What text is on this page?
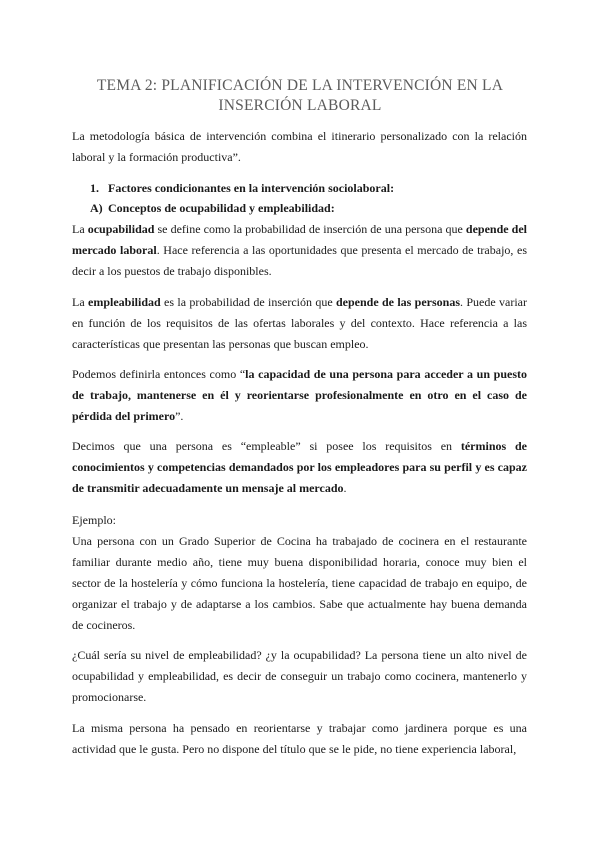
TEMA 2: PLANIFICACIÓN DE LA INTERVENCIÓN EN LA
INSERCIÓN LABORAL

La metodología básica de intervención combina el itinerario personalizado con la relación laboral y la formación productiva”.

1. Factores condicionantes en la intervención sociolaboral:
A) Conceptos de ocupabilidad y empleabilidad:

La ocupabilidad se define como la probabilidad de inserción de una persona que depende del mercado laboral. Hace referencia a las oportunidades que presenta el mercado de trabajo, es decir a los puestos de trabajo disponibles.

La empleabilidad es la probabilidad de inserción que depende de las personas. Puede variar en función de los requisitos de las ofertas laborales y del contexto. Hace referencia a las características que presentan las personas que buscan empleo.

Podemos definirla entonces como “la capacidad de una persona para acceder a un puesto de trabajo, mantenerse en él y reorientarse profesionalmente en otro en el caso de pérdida del primero”.

Decimos que una persona es “empleable” si posee los requisitos en términos de conocimientos y competencias demandados por los empleadores para su perfil y es capaz de transmitir adecuadamente un mensaje al mercado.

Ejemplo:

Una persona con un Grado Superior de Cocina ha trabajado de cocinera en el restaurante familiar durante medio año, tiene muy buena disponibilidad horaria, conoce muy bien el sector de la hostelería y cómo funciona la hostelería, tiene capacidad de trabajo en equipo, de organizar el trabajo y de adaptarse a los cambios. Sabe que actualmente hay buena demanda de cocineros.

¿Cuál sería su nivel de empleabilidad? ¿y la ocupabilidad? La persona tiene un alto nivel de ocupabilidad y empleabilidad, es decir de conseguir un trabajo como cocinera, mantenerlo y promocionarse.

La misma persona ha pensado en reorientarse y trabajar como jardinera porque es una actividad que le gusta. Pero no dispone del título que se le pide, no tiene experiencia laboral,
